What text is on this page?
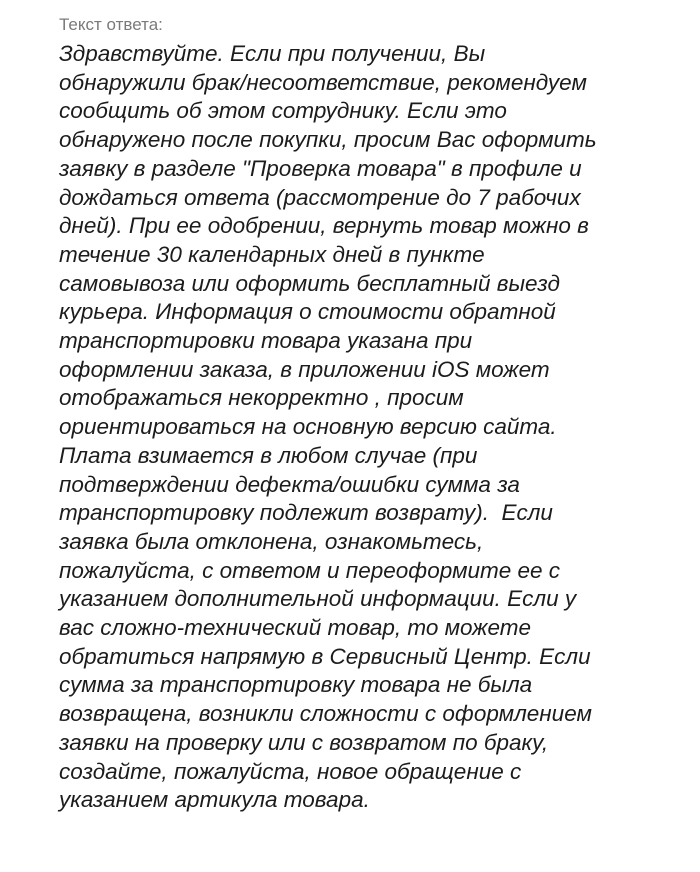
Текст ответа:
Здравствуйте. Если при получении, Вы
обнаружили брак/несоответствие, рекомендуем
сообщить об этом сотруднику. Если это
обнаружено после покупки, просим Вас оформить
заявку в разделе "Проверка товара" в профиле и
дождаться ответа (рассмотрение до 7 рабочих
дней). При ее одобрении, вернуть товар можно в
течение 30 календарных дней в пункте
самовывоза или оформить бесплатный выезд
курьера. Информация о стоимости обратной
транспортировки товара указана при
оформлении заказа, в приложении iOS может
отображаться некорректно , просим
ориентироваться на основную версию сайта.
Плата взимается в любом случае (при
подтверждении дефекта/ошибки сумма за
транспортировку подлежит возврату).  Если
заявка была отклонена, ознакомьтесь,
пожалуйста, с ответом и переоформите ее с
указанием дополнительной информации. Если у
вас сложно-технический товар, то можете
обратиться напрямую в Сервисный Центр. Если
сумма за транспортировку товара не была
возвращена, возникли сложности с оформлением
заявки на проверку или с возвратом по браку,
создайте, пожалуйста, новое обращение с
указанием артикула товара.
